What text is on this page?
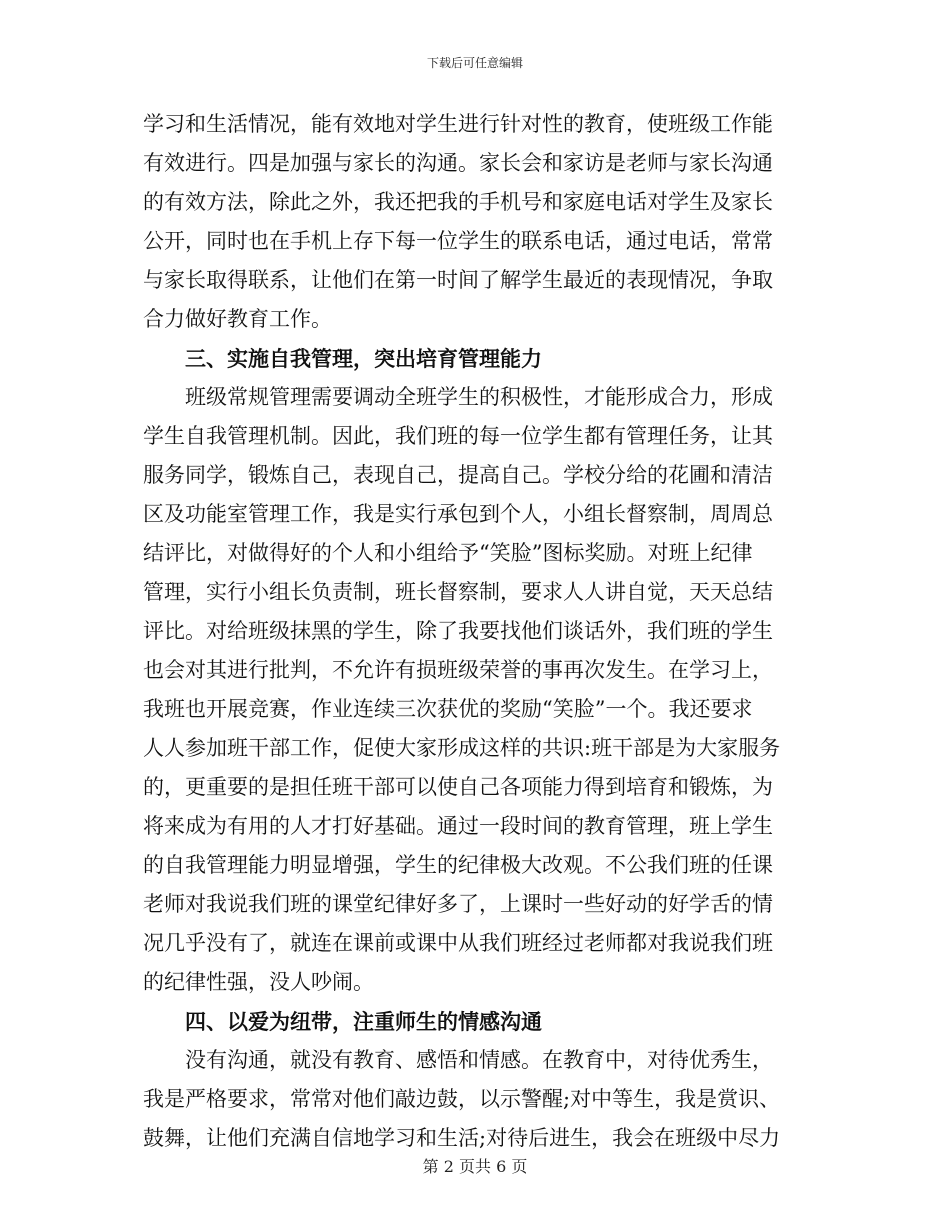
下载后可任意编辑
学习和生活情况，能有效地对学生进行针对性的教育，使班级工作能
有效进行。四是加强与家长的沟通。家长会和家访是老师与家长沟通
的有效方法，除此之外，我还把我的手机号和家庭电话对学生及家长
公开，同时也在手机上存下每一位学生的联系电话，通过电话，常常
与家长取得联系，让他们在第一时间了解学生最近的表现情况，争取
合力做好教育工作。
三、实施自我管理，突出培育管理能力
班级常规管理需要调动全班学生的积极性，才能形成合力，形成
学生自我管理机制。因此，我们班的每一位学生都有管理任务，让其
服务同学，锻炼自己，表现自己，提高自己。学校分给的花圃和清洁
区及功能室管理工作，我是实行承包到个人，小组长督察制，周周总
结评比，对做得好的个人和小组给予“笑脸”图标奖励。对班上纪律
管理，实行小组长负责制，班长督察制，要求人人讲自觉，天天总结
评比。对给班级抹黑的学生，除了我要找他们谈话外，我们班的学生
也会对其进行批判，不允许有损班级荣誉的事再次发生。在学习上，
我班也开展竞赛，作业连续三次获优的奖励“笑脸”一个。我还要求
人人参加班干部工作，促使大家形成这样的共识:班干部是为大家服务
的，更重要的是担任班干部可以使自己各项能力得到培育和锻炼，为
将来成为有用的人才打好基础。通过一段时间的教育管理，班上学生
的自我管理能力明显增强，学生的纪律极大改观。不公我们班的任课
老师对我说我们班的课堂纪律好多了，上课时一些好动的好学舌的情
况几乎没有了，就连在课前或课中从我们班经过老师都对我说我们班
的纪律性强，没人吵闹。
四、以爱为纽带，注重师生的情感沟通
没有沟通，就没有教育、感悟和情感。在教育中，对待优秀生，
我是严格要求，常常对他们敲边鼓，以示警醒;对中等生，我是赏识、
鼓舞，让他们充满自信地学习和生活;对待后进生，我会在班级中尽力
第 2 页共 6 页
